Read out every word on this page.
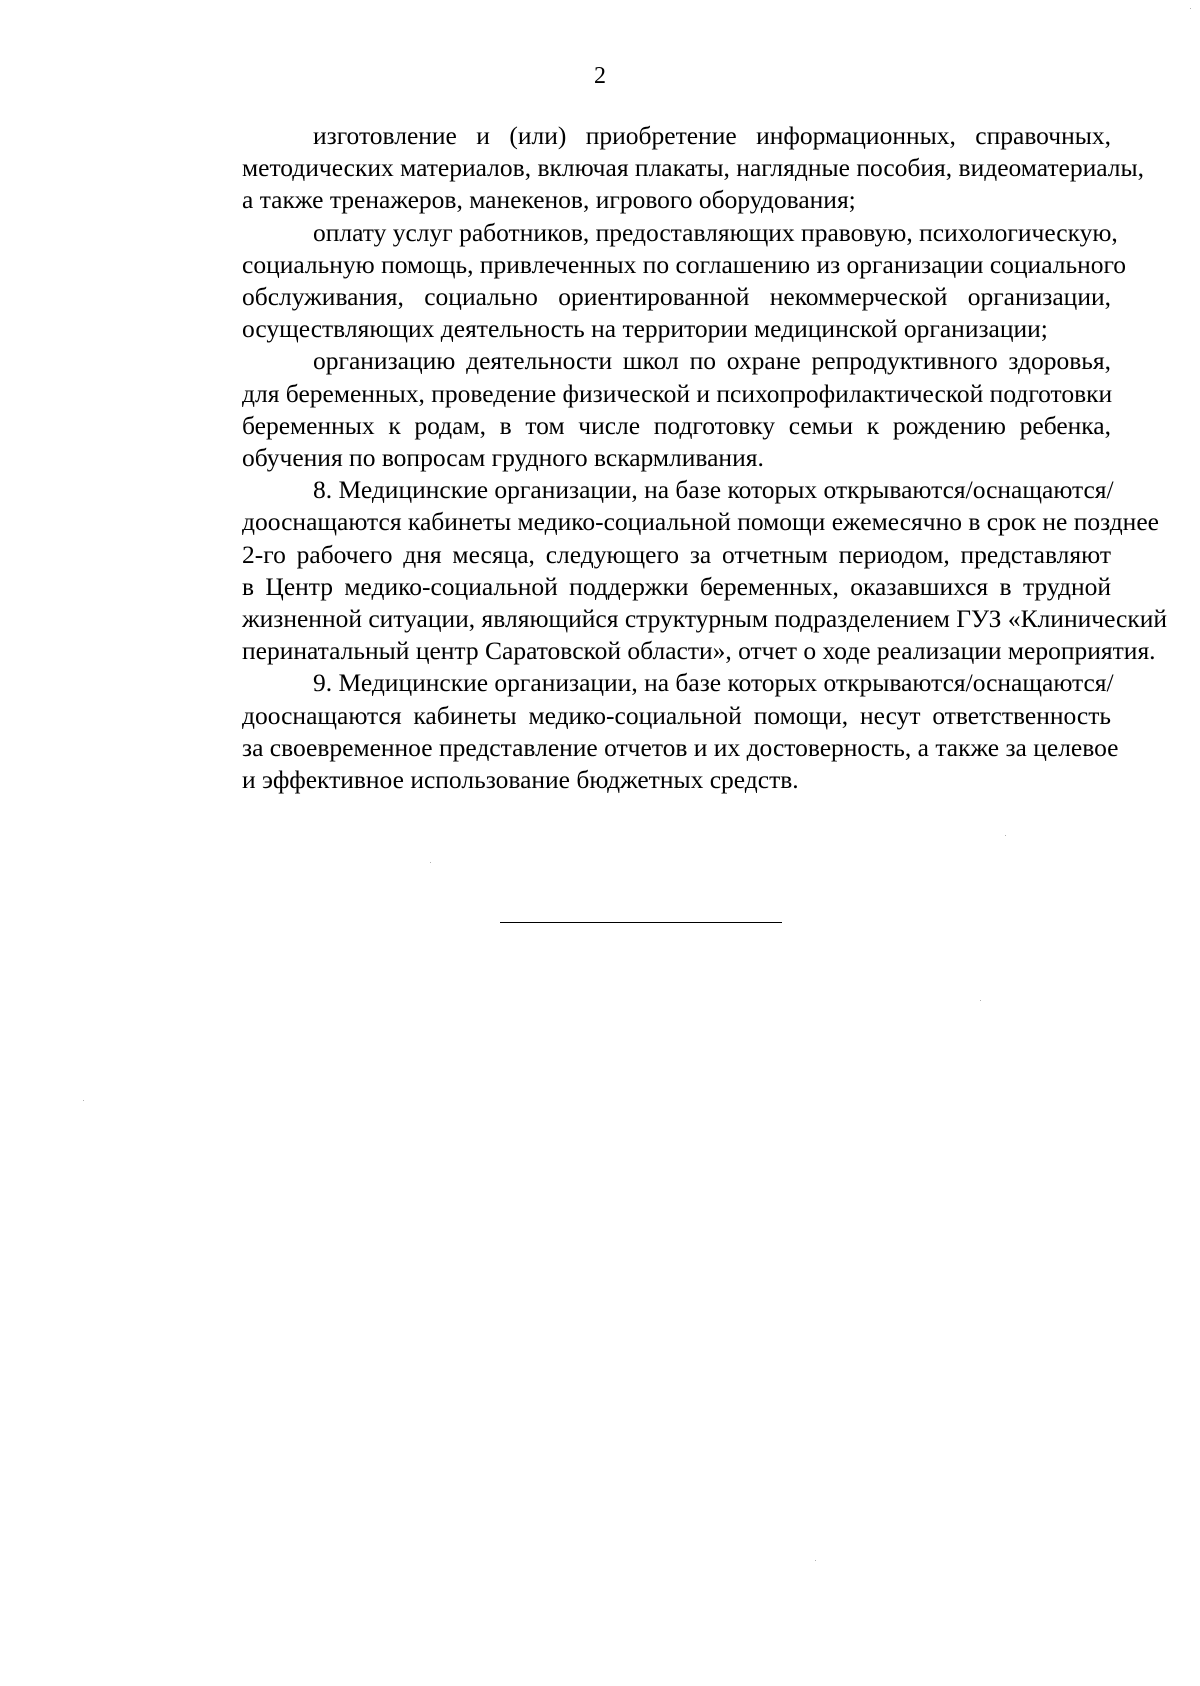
2

изготовление и (или) приобретение информационных, справочных,
методических материалов, включая плакаты, наглядные пособия, видеоматериалы,
а также тренажеров, манекенов, игрового оборудования;

оплату услуг работников, предоставляющих правовую, психологическую,
социальную помощь, привлеченных по соглашению из организации социального
обслуживания, социально ориентированной некоммерческой организации,
осуществляющих деятельность на территории медицинской организации;

организацию деятельности школ по охране репродуктивного здоровья,
для беременных, проведение физической и психопрофилактической подготовки
беременных к родам, в том числе подготовку семьи к рождению ребенка,
обучения по вопросам грудного вскармливания.

8. Медицинские организации, на базе которых открываются/оснащаются/
дооснащаются кабинеты медико-социальной помощи ежемесячно в срок не позднее
2-го рабочего дня месяца, следующего за отчетным периодом, представляют
в Центр медико-социальной поддержки беременных, оказавшихся в трудной
жизненной ситуации, являющийся структурным подразделением ГУЗ «Клинический
перинатальный центр Саратовской области», отчет о ходе реализации мероприятия.

9. Медицинские организации, на базе которых открываются/оснащаются/
дооснащаются кабинеты медико-социальной помощи, несут ответственность
за своевременное представление отчетов и их достоверность, а также за целевое
и эффективное использование бюджетных средств.
